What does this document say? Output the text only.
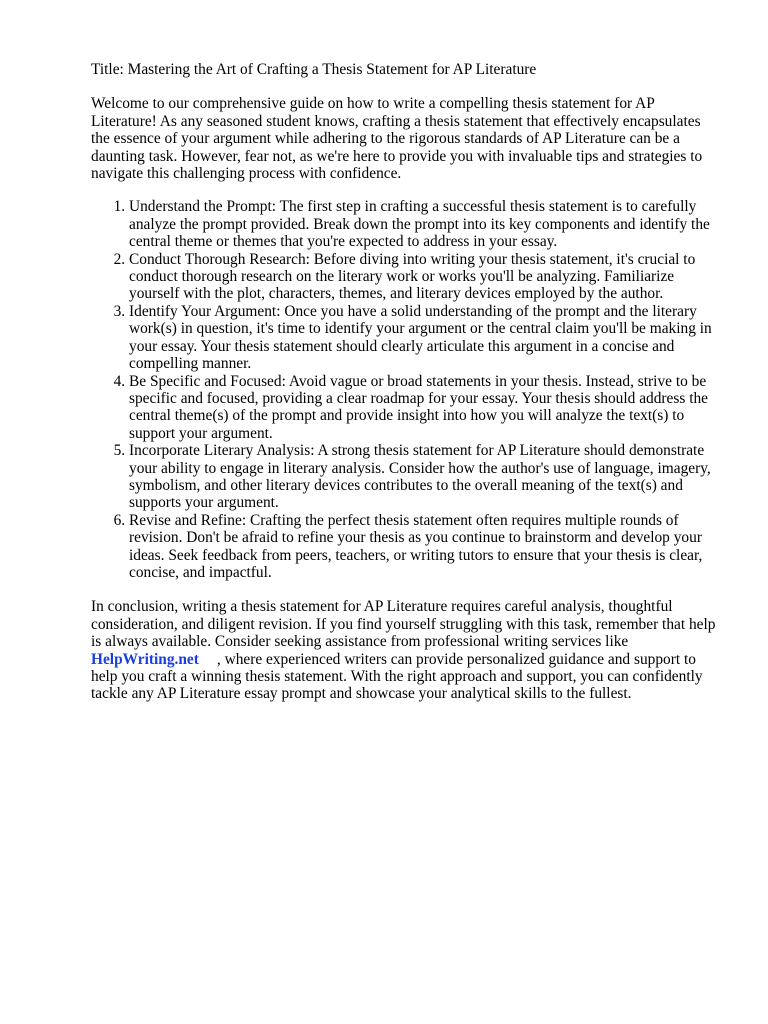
Title: Mastering the Art of Crafting a Thesis Statement for AP Literature

Welcome to our comprehensive guide on how to write a compelling thesis statement for AP Literature! As any seasoned student knows, crafting a thesis statement that effectively encapsulates the essence of your argument while adhering to the rigorous standards of AP Literature can be a daunting task. However, fear not, as we're here to provide you with invaluable tips and strategies to navigate this challenging process with confidence.

1. Understand the Prompt: The first step in crafting a successful thesis statement is to carefully analyze the prompt provided. Break down the prompt into its key components and identify the central theme or themes that you're expected to address in your essay.
2. Conduct Thorough Research: Before diving into writing your thesis statement, it's crucial to conduct thorough research on the literary work or works you'll be analyzing. Familiarize yourself with the plot, characters, themes, and literary devices employed by the author.
3. Identify Your Argument: Once you have a solid understanding of the prompt and the literary work(s) in question, it's time to identify your argument or the central claim you'll be making in your essay. Your thesis statement should clearly articulate this argument in a concise and compelling manner.
4. Be Specific and Focused: Avoid vague or broad statements in your thesis. Instead, strive to be specific and focused, providing a clear roadmap for your essay. Your thesis should address the central theme(s) of the prompt and provide insight into how you will analyze the text(s) to support your argument.
5. Incorporate Literary Analysis: A strong thesis statement for AP Literature should demonstrate your ability to engage in literary analysis. Consider how the author's use of language, imagery, symbolism, and other literary devices contributes to the overall meaning of the text(s) and supports your argument.
6. Revise and Refine: Crafting the perfect thesis statement often requires multiple rounds of revision. Don't be afraid to refine your thesis as you continue to brainstorm and develop your ideas. Seek feedback from peers, teachers, or writing tutors to ensure that your thesis is clear, concise, and impactful.

In conclusion, writing a thesis statement for AP Literature requires careful analysis, thoughtful consideration, and diligent revision. If you find yourself struggling with this task, remember that help is always available. Consider seeking assistance from professional writing services like
HelpWriting.net , where experienced writers can provide personalized guidance and support to help you craft a winning thesis statement. With the right approach and support, you can confidently tackle any AP Literature essay prompt and showcase your analytical skills to the fullest.
